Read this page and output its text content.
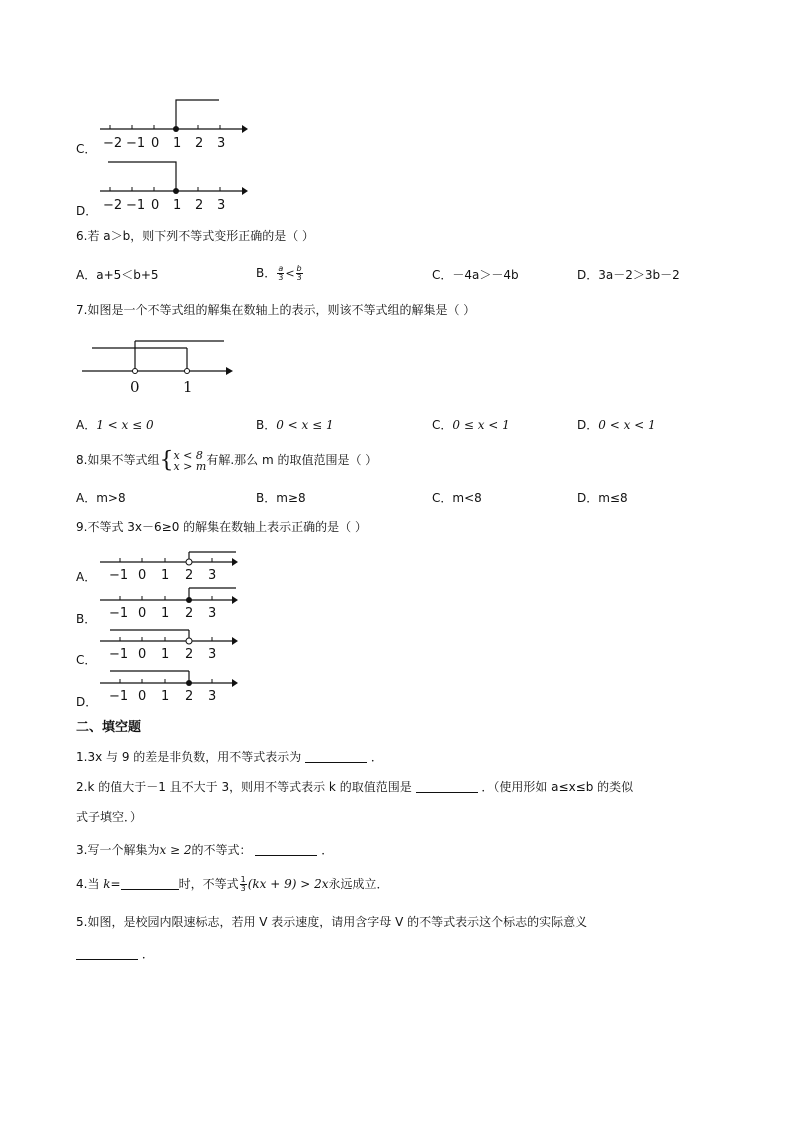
C． −2 −1 0 1 2 3
D． −2 −1 0 1 2 3
6.若 a＞b，则下列不等式变形正确的是（ ）
A．a+5＜b+5	B． $\frac{a}{3} < \frac{b}{3}$	C．－4a＞－4b	D．3a－2＞3b－2
7.如图是一个不等式组的解集在数轴上的表示，则该不等式组的解集是（ ）
0	1
A．1 < x ≤ 0	B．0 < x ≤ 1	C．0 ≤ x < 1	D．0 < x < 1
8.如果不等式组{ x < 8
x > m 有解.那么 m 的取值范围是（ ）
A．m>8	B．m≥8	C．m<8	D．m≤8
9.不等式 3x－6≥0 的解集在数轴上表示正确的是（ ）
A． −1 0 1 2 3
B． −1 0 1 2 3
C． −1 0 1 2 3
D． −1 0 1 2 3
二、填空题
1.3x 与 9 的差是非负数，用不等式表示为	．
2.k 的值大于－1 且不大于 3，则用不等式表示 k 的取值范围是	．（使用形如 a≤x≤b 的类似
式子填空．）
3.写一个解集为x ≥ 2的不等式：	．
4.当 k=	时，不等式 $\frac{1}{3} (kx + 9) > 2x$永远成立．
5.如图，是校园内限速标志，若用 V 表示速度，请用含字母 V 的不等式表示这个标志的实际意义
．
